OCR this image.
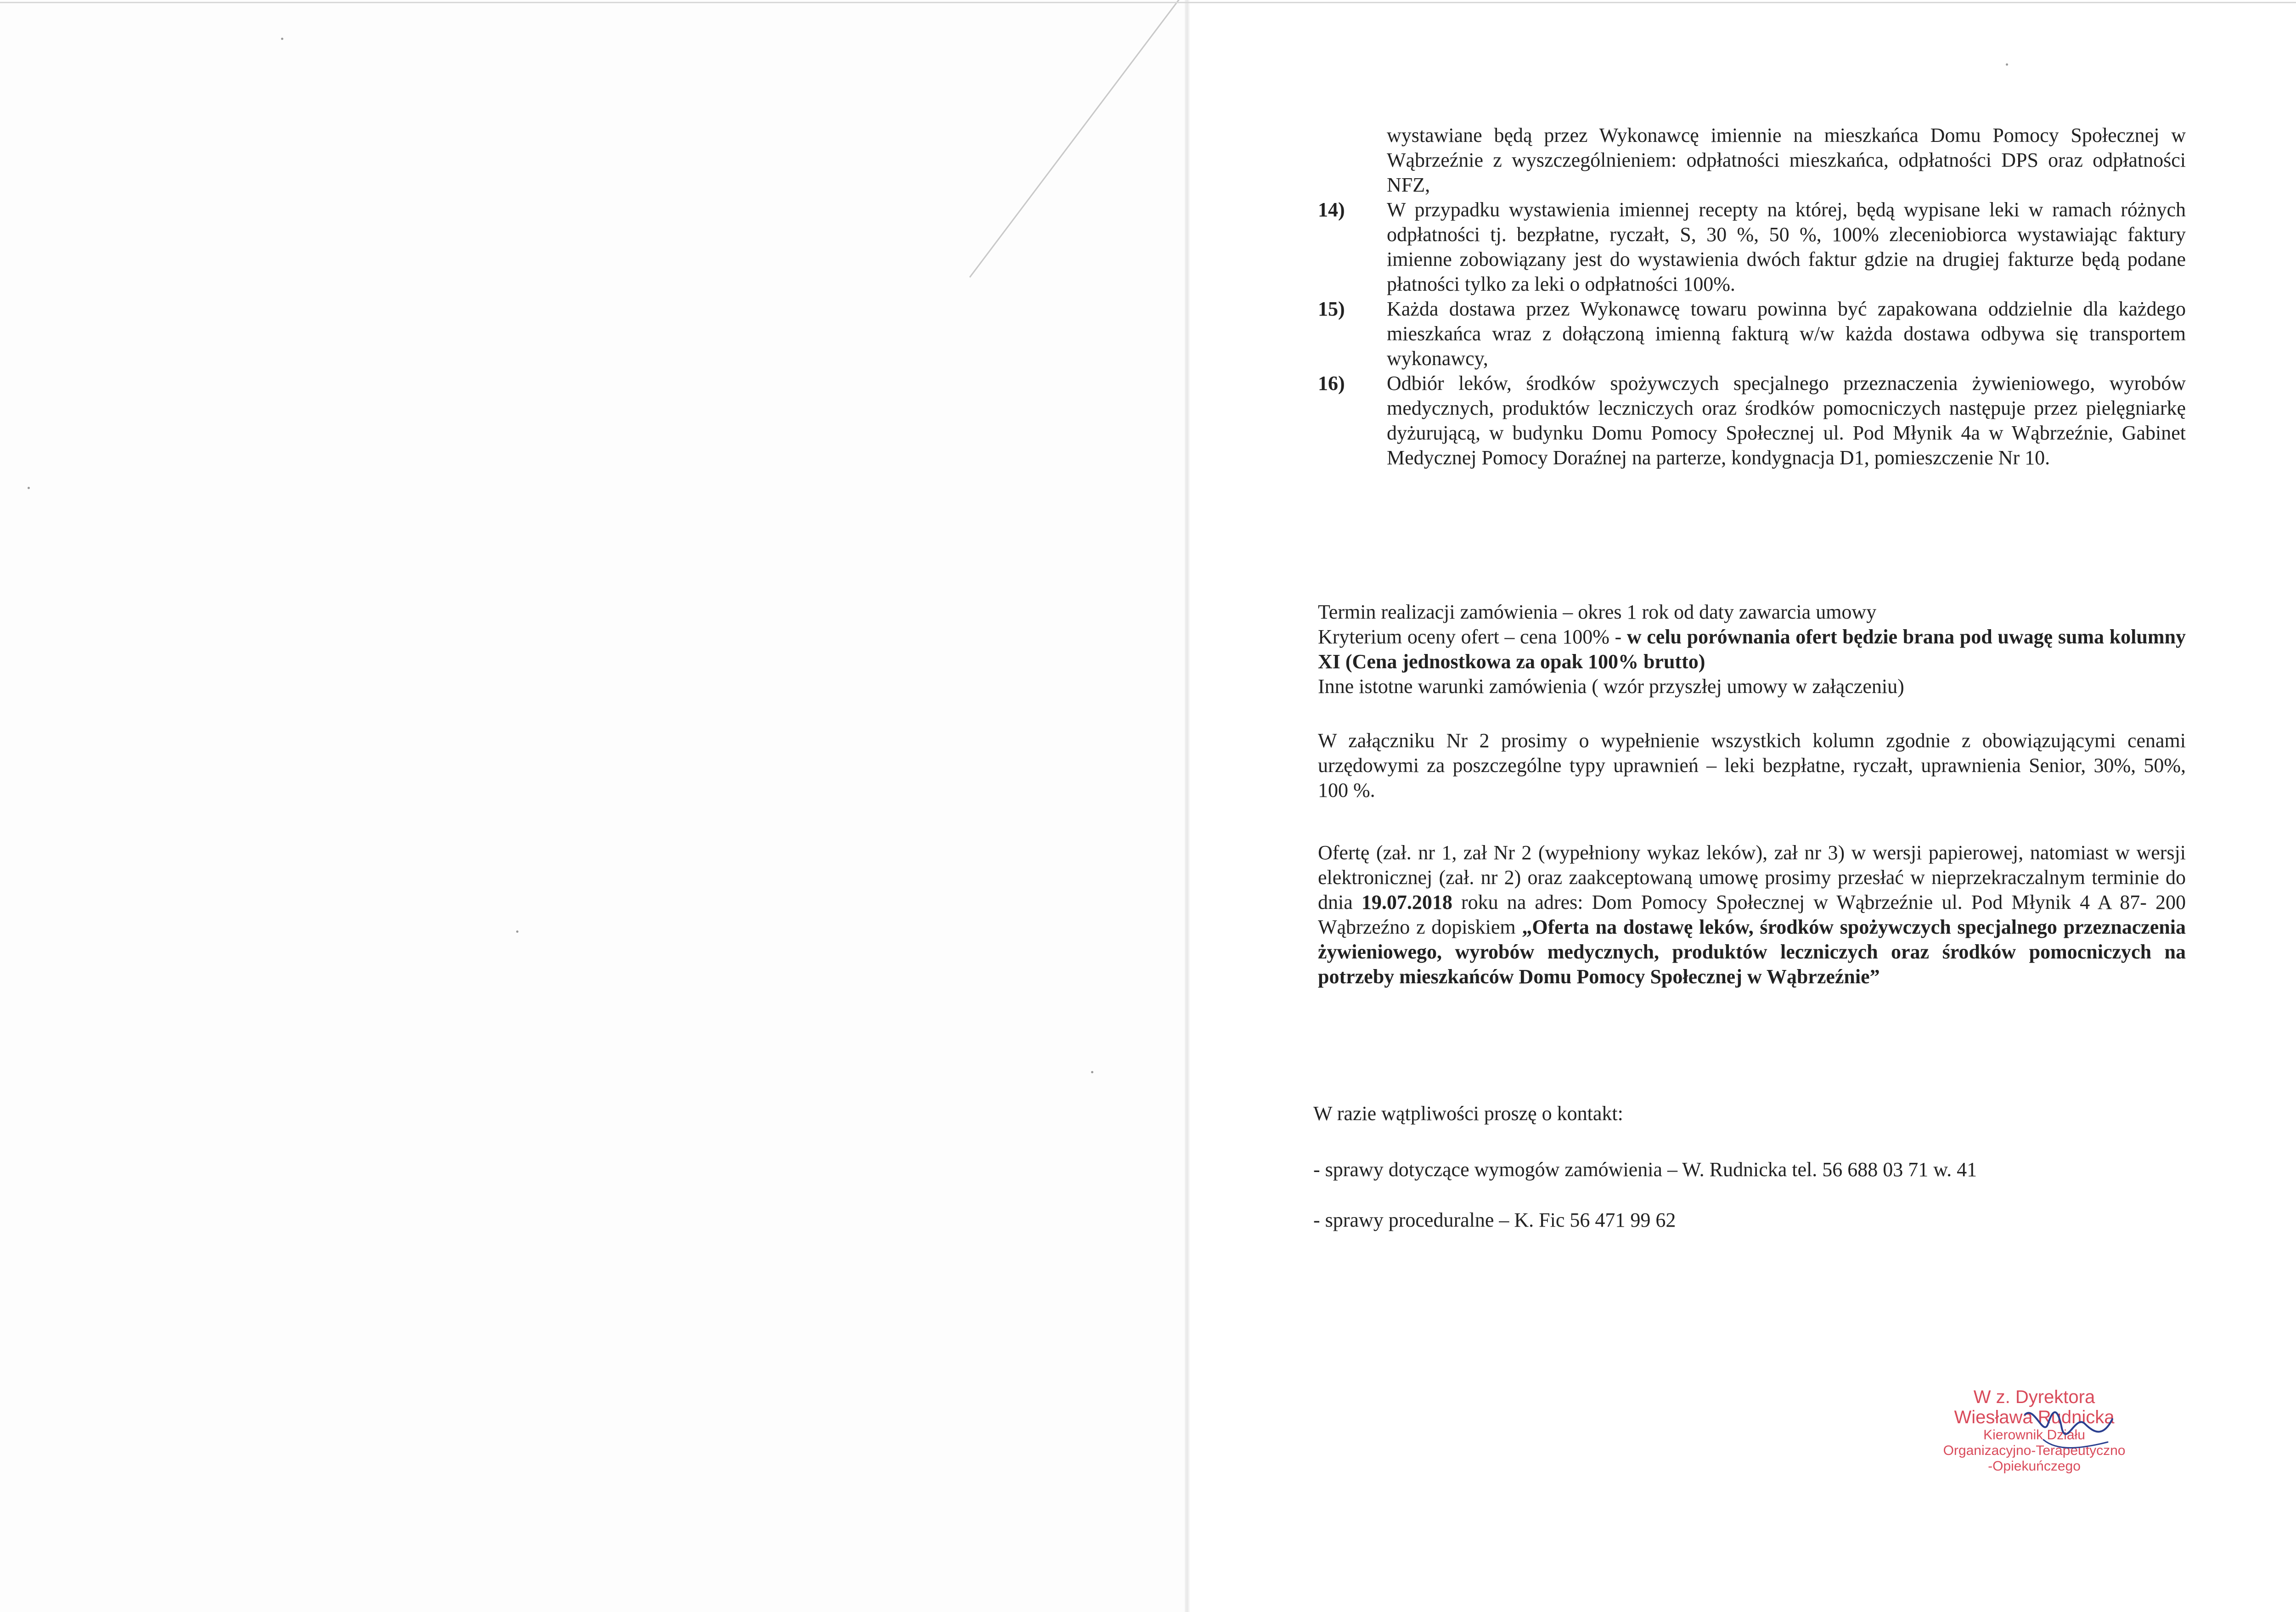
wystawiane będą przez Wykonawcę imiennie na mieszkańca Domu Pomocy Społecznej w Wąbrzeźnie z wyszczególnieniem: odpłatności mieszkańca, odpłatności DPS oraz odpłatności NFZ,
14) W przypadku wystawienia imiennej recepty na której, będą wypisane leki w ramach różnych odpłatności tj. bezpłatne, ryczałt, S, 30 %, 50 %, 100% zleceniobiorca wystawiając faktury imienne zobowiązany jest do wystawienia dwóch faktur gdzie na drugiej fakturze będą podane płatności tylko za leki o odpłatności 100%.
15) Każda dostawa przez Wykonawcę towaru powinna być zapakowana oddzielnie dla każdego mieszkańca wraz z dołączoną imienną fakturą w/w każda dostawa odbywa się transportem wykonawcy,
16) Odbiór leków, środków spożywczych specjalnego przeznaczenia żywieniowego, wyrobów medycznych, produktów leczniczych oraz środków pomocniczych następuje przez pielęgniarkę dyżurującą, w budynku Domu Pomocy Społecznej ul. Pod Młynik 4a w Wąbrzeźnie, Gabinet Medycznej Pomocy Doraźnej na parterze, kondygnacja D1, pomieszczenie Nr 10.

Termin realizacji zamówienia – okres 1 rok od daty zawarcia umowy

Kryterium oceny ofert – cena 100% - w celu porównania ofert będzie brana pod uwagę suma kolumny XI (Cena jednostkowa za opak 100% brutto)

Inne istotne warunki zamówienia ( wzór przyszłej umowy w załączeniu)

W załączniku Nr 2 prosimy o wypełnienie wszystkich kolumn zgodnie z obowiązującymi cenami urzędowymi za poszczególne typy uprawnień – leki bezpłatne, ryczałt, uprawnienia Senior, 30%, 50%, 100 %.

Ofertę (zał. nr 1, zał Nr 2 (wypełniony wykaz leków), zał nr 3) w wersji papierowej, natomiast w wersji elektronicznej (zał. nr 2) oraz zaakceptowaną umowę prosimy przesłać w nieprzekraczalnym terminie do dnia 19.07.2018 roku na adres: Dom Pomocy Społecznej w Wąbrzeźnie ul. Pod Młynik 4 A 87- 200 Wąbrzeźno z dopiskiem „Oferta na dostawę leków, środków spożywczych specjalnego przeznaczenia żywieniowego, wyrobów medycznych, produktów leczniczych oraz środków pomocniczych na potrzeby mieszkańców Domu Pomocy Społecznej w Wąbrzeźnie”

W razie wątpliwości proszę o kontakt:
- sprawy dotyczące wymogów zamówienia – W. Rudnicka tel. 56 688 03 71 w. 41
- sprawy proceduralne – K. Fic 56 471 99 62
W z. Dyrektora
Wiesława Rudnicka
Kierownik Działu
Organizacyjno-Terapeutyczno
-Opiekuńczego
